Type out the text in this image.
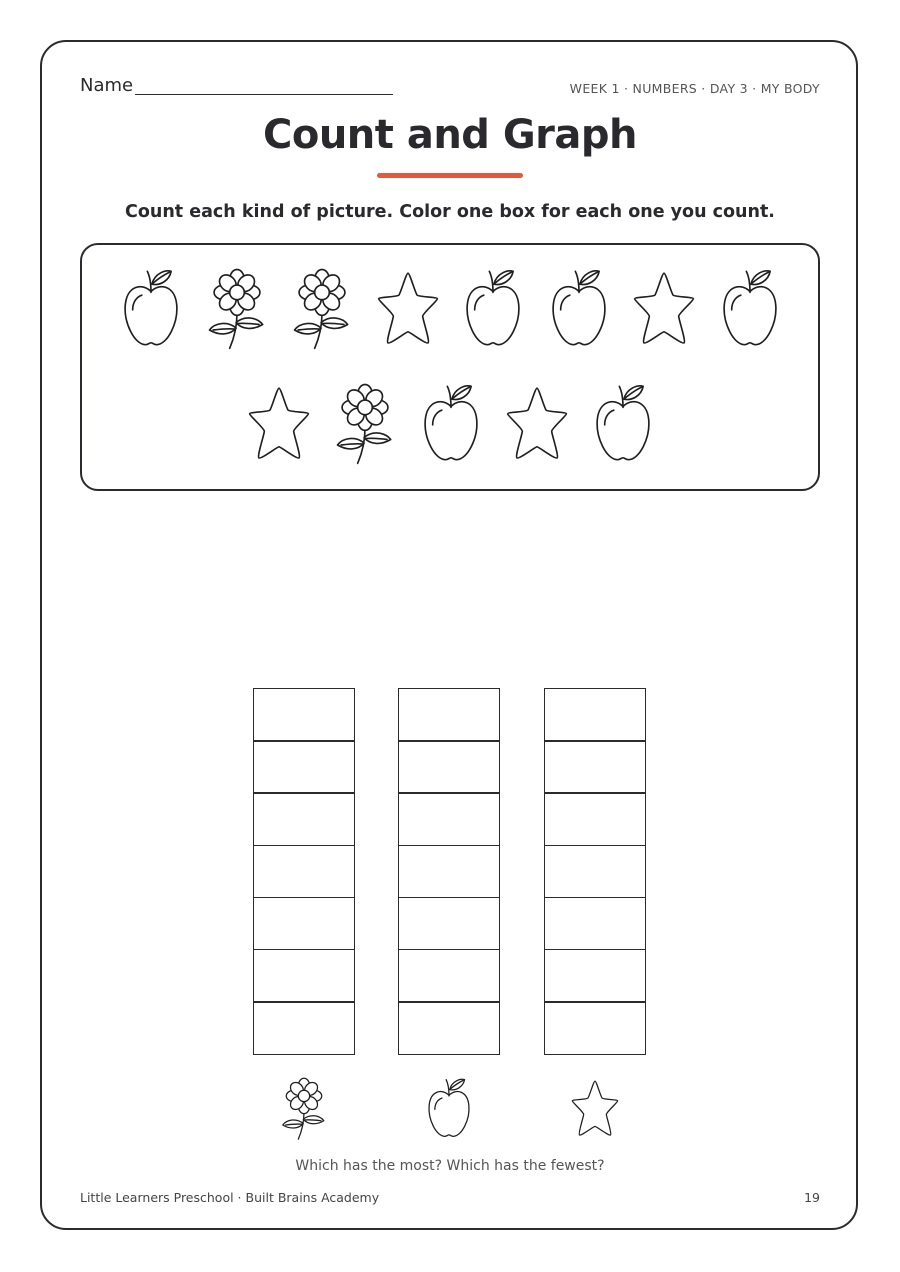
Name	WEEK 1 · NUMBERS · DAY 3 · MY BODY
Count and Graph
Count each kind of picture. Color one box for each one you count.
Which has the most? Which has the fewest?
Little Learners Preschool · Built Brains Academy	19
